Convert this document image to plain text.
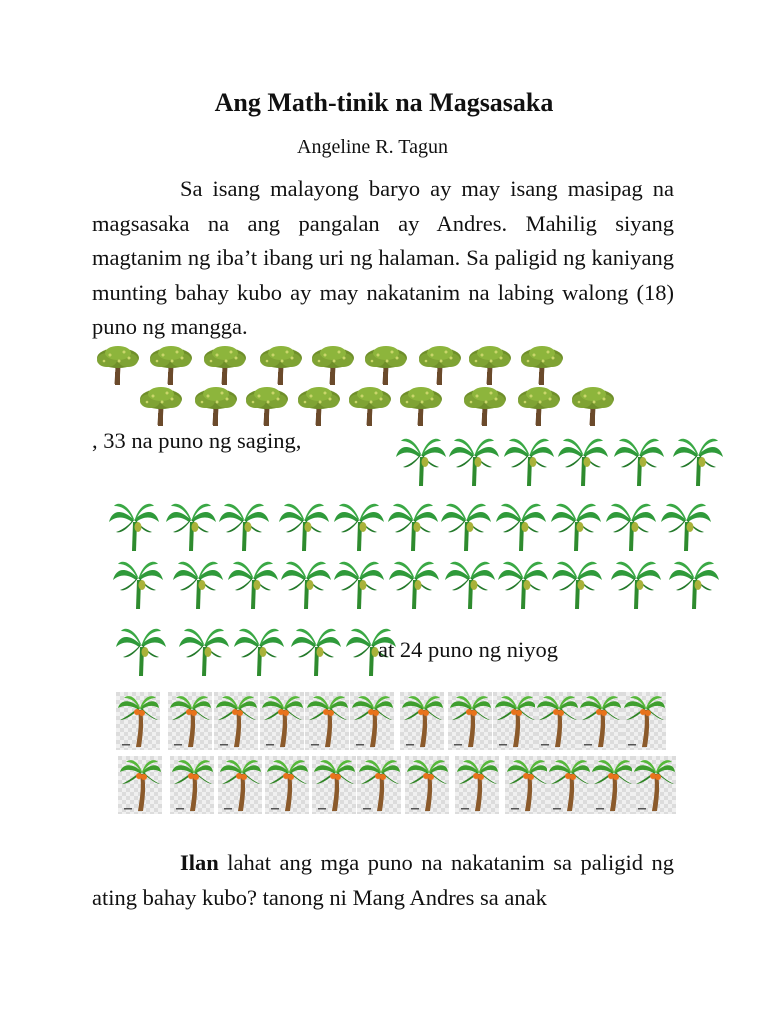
Ang Math-tinik na Magsasaka
Angeline R. Tagun
Sa isang malayong baryo ay may isang masipag na magsasaka na ang pangalan ay Andres. Mahilig siyang magtanim ng iba’t ibang uri ng halaman. Sa paligid ng kaniyang munting bahay kubo ay may nakatanim na labing walong (18) puno ng mangga.
, 33 na puno ng saging,
at 24 puno ng niyog
Ilan lahat ang mga puno na nakatanim sa paligid ng ating bahay kubo? tanong ni Mang Andres sa anak
